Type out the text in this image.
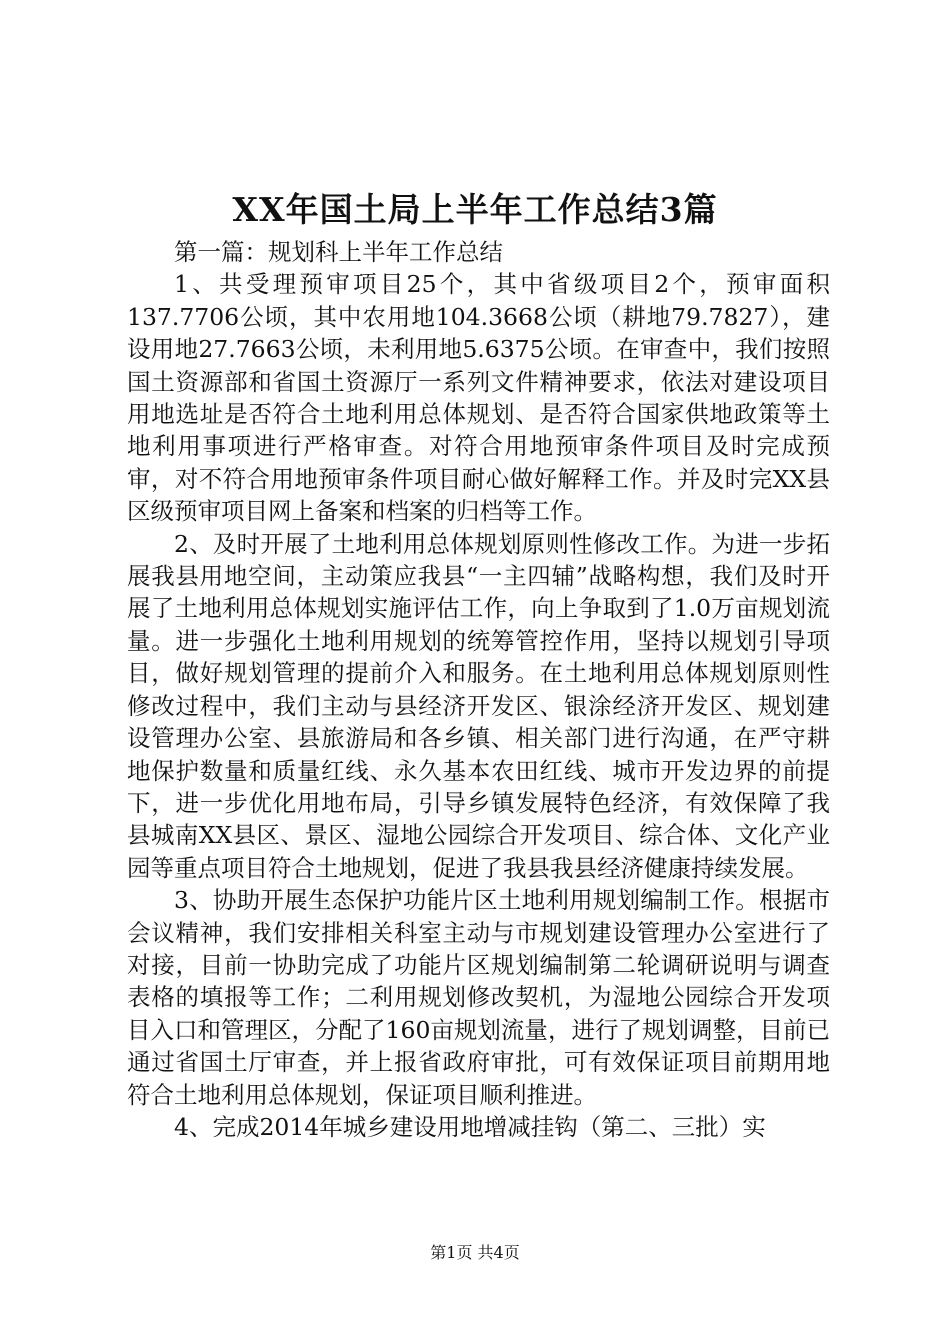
XX年国土局上半年工作总结3篇

第一篇：规划科上半年工作总结

1、共受理预审项目25个，其中省级项目2个，预审面积137.7706公顷，其中农用地104.3668公顷（耕地79.7827），建设用地27.7663公顷，未利用地5.6375公顷。在审查中，我们按照国土资源部和省国土资源厅一系列文件精神要求，依法对建设项目用地选址是否符合土地利用总体规划、是否符合国家供地政策等土地利用事项进行严格审查。对符合用地预审条件项目及时完成预审，对不符合用地预审条件项目耐心做好解释工作。并及时完XX县区级预审项目网上备案和档案的归档等工作。

2、及时开展了土地利用总体规划原则性修改工作。为进一步拓展我县用地空间，主动策应我县“一主四辅”战略构想，我们及时开展了土地利用总体规划实施评估工作，向上争取到了1.0万亩规划流量。进一步强化土地利用规划的统筹管控作用，坚持以规划引导项目，做好规划管理的提前介入和服务。在土地利用总体规划原则性修改过程中，我们主动与县经济开发区、银涂经济开发区、规划建设管理办公室、县旅游局和各乡镇、相关部门进行沟通，在严守耕地保护数量和质量红线、永久基本农田红线、城市开发边界的前提下，进一步优化用地布局，引导乡镇发展特色经济，有效保障了我县城南XX县区、景区、湿地公园综合开发项目、综合体、文化产业园等重点项目符合土地规划，促进了我县我县经济健康持续发展。

3、协助开展生态保护功能片区土地利用规划编制工作。根据市会议精神，我们安排相关科室主动与市规划建设管理办公室进行了对接，目前一协助完成了功能片区规划编制第二轮调研说明与调查表格的填报等工作；二利用规划修改契机，为湿地公园综合开发项目入口和管理区，分配了160亩规划流量，进行了规划调整，目前已通过省国土厅审查，并上报省政府审批，可有效保证项目前期用地符合土地利用总体规划，保证项目顺利推进。

4、完成2014年城乡建设用地增减挂钩（第二、三批）实

第1页 共4页
